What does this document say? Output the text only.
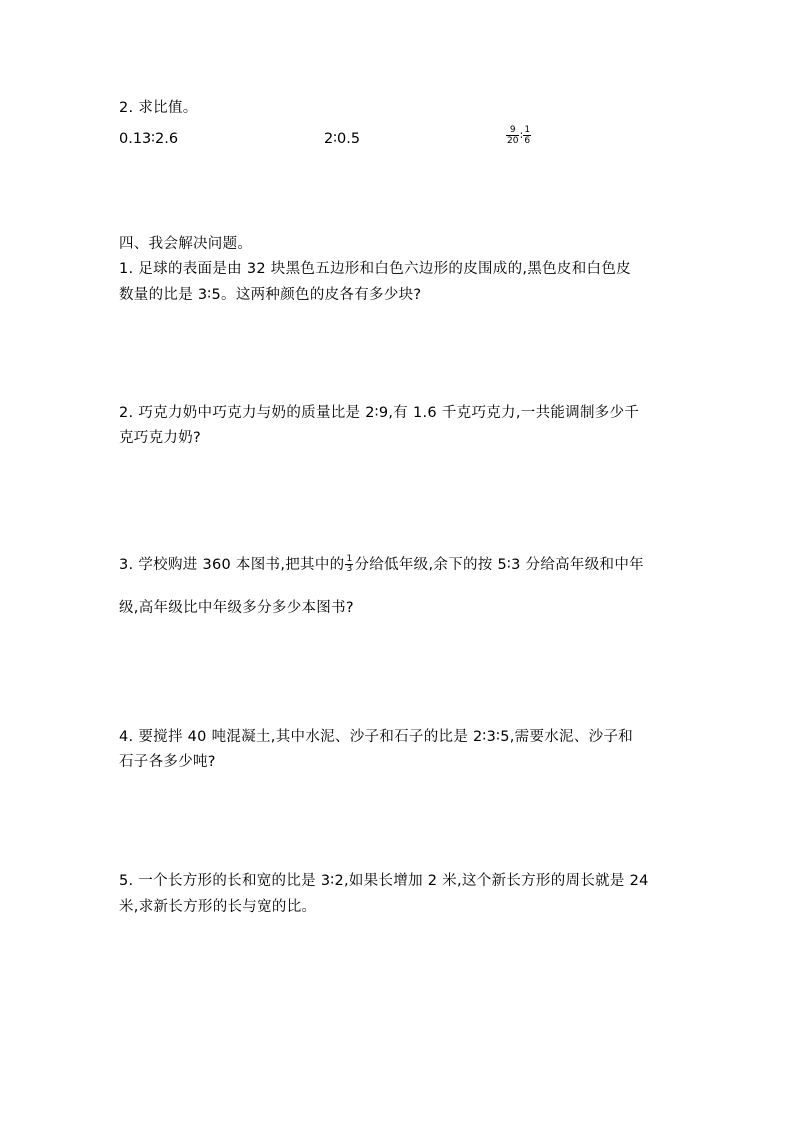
2. 求比值。
0.13∶2.6	2∶0.5	$\frac{9}{20}$ ∶ $\frac{1}{6}$
四、我会解决问题。
1. 足球的表面是由 32 块黑色五边形和白色六边形的皮围成的,黑色皮和白色皮
数量的比是 3∶5。这两种颜色的皮各有多少块?
2. 巧克力奶中巧克力与奶的质量比是 2∶9,有 1.6 千克巧克力,一共能调制多少千
克巧克力奶?
3. 学校购进 360 本图书,把其中的 $\frac{1}{3}$ 分给低年级,余下的按 5∶3 分给高年级和中年
级,高年级比中年级多分多少本图书?
4. 要搅拌 40 吨混凝土,其中水泥、沙子和石子的比是 2∶3∶5,需要水泥、沙子和
石子各多少吨?
5. 一个长方形的长和宽的比是 3∶2,如果长增加 2 米,这个新长方形的周长就是 24
米,求新长方形的长与宽的比。
